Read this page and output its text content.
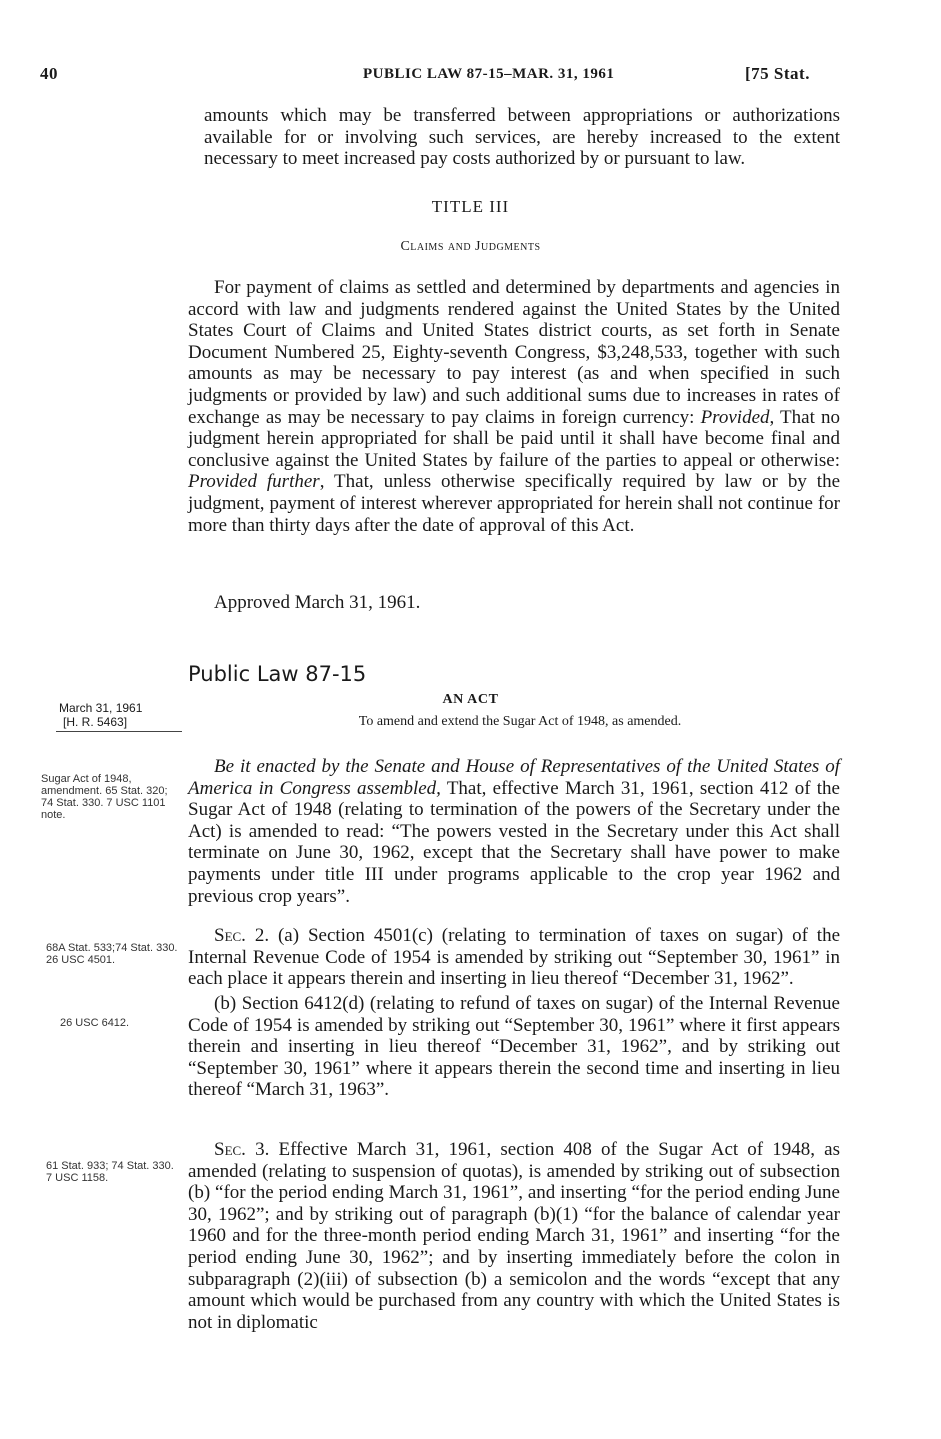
40	PUBLIC LAW 87-15–MAR. 31, 1961	[75 Stat.

amounts which may be transferred between appropriations or authorizations available for or involving such services, are hereby increased to the extent necessary to meet increased pay costs authorized by or pursuant to law.

TITLE III
Claims and Judgments

For payment of claims as settled and determined by departments and agencies in accord with law and judgments rendered against the United States by the United States Court of Claims and United States district courts, as set forth in Senate Document Numbered 25, Eighty-seventh Congress, $3,248,533, together with such amounts as may be necessary to pay interest (as and when specified in such judgments or provided by law) and such additional sums due to increases in rates of exchange as may be necessary to pay claims in foreign currency: Provided, That no judgment herein appropriated for shall be paid until it shall have become final and conclusive against the United States by failure of the parties to appeal or otherwise: Provided further, That, unless otherwise specifically required by law or by the judgment, payment of interest wherever appropriated for herein shall not continue for more than thirty days after the date of approval of this Act.

Approved March 31, 1961.
Public Law 87-15
AN ACT
To amend and extend the Sugar Act of 1948, as amended.
March 31, 1961
[H. R. 5463]
Sugar Act of 1948, amendment. 65 Stat. 320; 74 Stat. 330. 7 USC 1101 note.
68A Stat. 533;74 Stat. 330. 26 USC 4501.
26 USC 6412.
61 Stat. 933; 74 Stat. 330. 7 USC 1158.

Be it enacted by the Senate and House of Representatives of the United States of America in Congress assembled, That, effective March 31, 1961, section 412 of the Sugar Act of 1948 (relating to termination of the powers of the Secretary under the Act) is amended to read: “The powers vested in the Secretary under this Act shall terminate on June 30, 1962, except that the Secretary shall have power to make payments under title III under programs applicable to the crop year 1962 and previous crop years”.

Sec. 2. (a) Section 4501(c) (relating to termination of taxes on sugar) of the Internal Revenue Code of 1954 is amended by striking out “September 30, 1961” in each place it appears therein and inserting in lieu thereof “December 31, 1962”.

(b) Section 6412(d) (relating to refund of taxes on sugar) of the Internal Revenue Code of 1954 is amended by striking out “September 30, 1961” where it first appears therein and inserting in lieu thereof “December 31, 1962”, and by striking out “September 30, 1961” where it appears therein the second time and inserting in lieu thereof “March 31, 1963”.

Sec. 3. Effective March 31, 1961, section 408 of the Sugar Act of 1948, as amended (relating to suspension of quotas), is amended by striking out of subsection (b) “for the period ending March 31, 1961”, and inserting “for the period ending June 30, 1962”; and by striking out of paragraph (b)(1) “for the balance of calendar year 1960 and for the three-month period ending March 31, 1961” and inserting “for the period ending June 30, 1962”; and by inserting immediately before the colon in subparagraph (2)(iii) of subsection (b) a semicolon and the words “except that any amount which would be purchased from any country with which the United States is not in diplomatic
